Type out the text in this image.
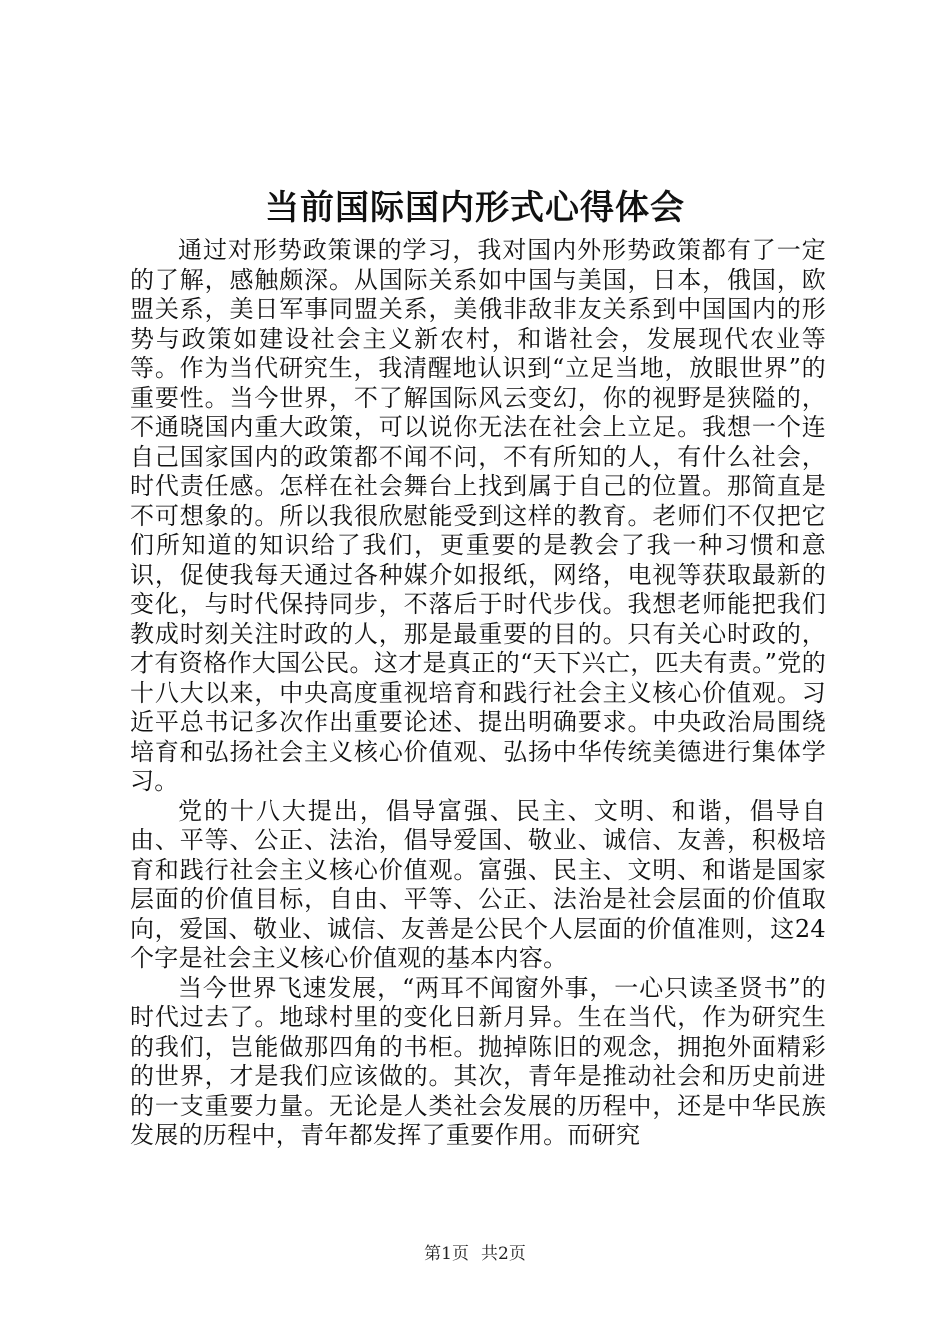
当前国际国内形式心得体会

通过对形势政策课的学习，我对国内外形势政策都有了一定的了解，感触颇深。从国际关系如中国与美国，日本，俄国，欧盟关系，美日军事同盟关系，美俄非敌非友关系到中国国内的形势与政策如建设社会主义新农村，和谐社会，发展现代农业等等。作为当代研究生，我清醒地认识到“立足当地，放眼世界”的重要性。当今世界，不了解国际风云变幻，你的视野是狭隘的，不通晓国内重大政策，可以说你无法在社会上立足。我想一个连自己国家国内的政策都不闻不问，不有所知的人，有什么社会，时代责任感。怎样在社会舞台上找到属于自己的位置。那简直是不可想象的。所以我很欣慰能受到这样的教育。老师们不仅把它们所知道的知识给了我们，更重要的是教会了我一种习惯和意识，促使我每天通过各种媒介如报纸，网络，电视等获取最新的变化，与时代保持同步，不落后于时代步伐。我想老师能把我们教成时刻关注时政的人，那是最重要的目的。只有关心时政的，才有资格作大国公民。这才是真正的“天下兴亡，匹夫有责。”党的十八大以来，中央高度重视培育和践行社会主义核心价值观。习近平总书记多次作出重要论述、提出明确要求。中央政治局围绕培育和弘扬社会主义核心价值观、弘扬中华传统美德进行集体学习。

党的十八大提出，倡导富强、民主、文明、和谐，倡导自由、平等、公正、法治，倡导爱国、敬业、诚信、友善，积极培育和践行社会主义核心价值观。富强、民主、文明、和谐是国家层面的价值目标，自由、平等、公正、法治是社会层面的价值取向，爱国、敬业、诚信、友善是公民个人层面的价值准则，这24个字是社会主义核心价值观的基本内容。

当今世界飞速发展，“两耳不闻窗外事，一心只读圣贤书”的时代过去了。地球村里的变化日新月异。生在当代，作为研究生的我们，岂能做那四角的书柜。抛掉陈旧的观念，拥抱外面精彩的世界，才是我们应该做的。其次，青年是推动社会和历史前进的一支重要力量。无论是人类社会发展的历程中，还是中华民族发展的历程中，青年都发挥了重要作用。而研究

第1页 共2页
